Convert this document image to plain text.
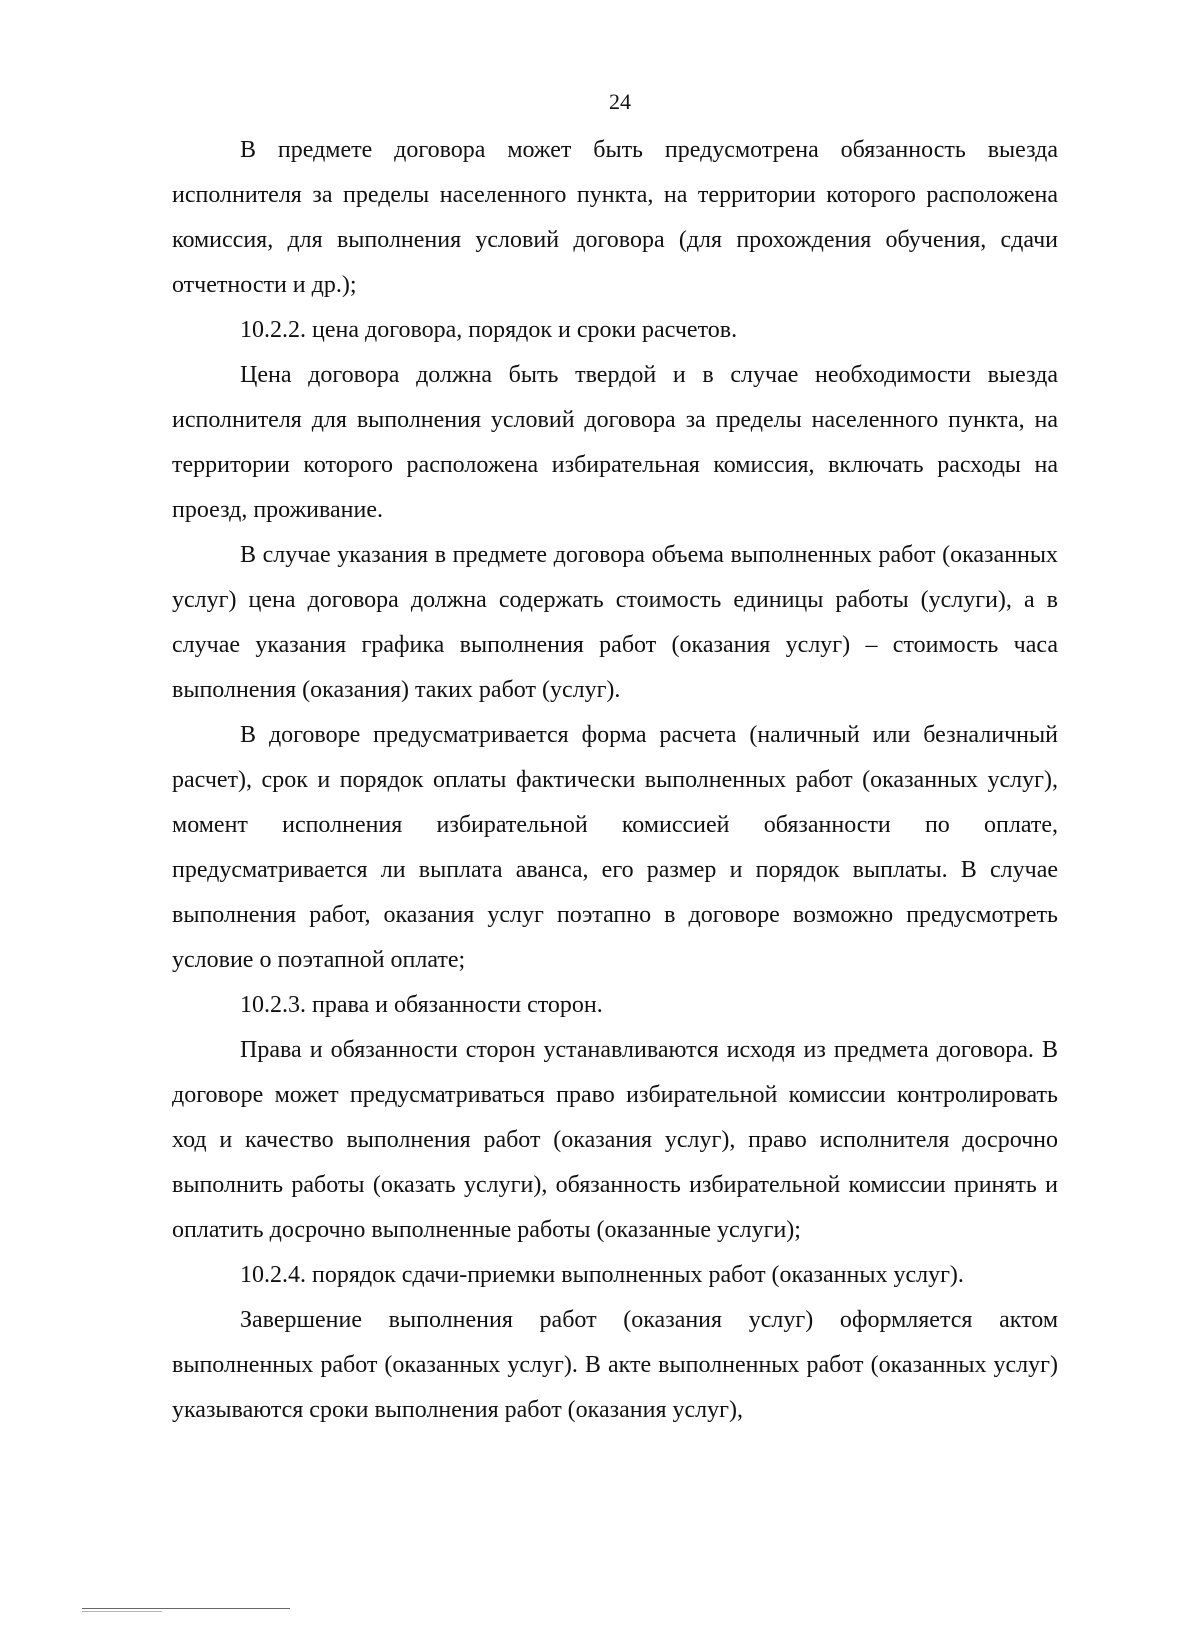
24

В предмете договора может быть предусмотрена обязанность выезда исполнителя за пределы населенного пункта, на территории которого расположена комиссия, для выполнения условий договора (для прохождения обучения, сдачи отчетности и др.);

10.2.2. цена договора, порядок и сроки расчетов.

Цена договора должна быть твердой и в случае необходимости выезда исполнителя для выполнения условий договора за пределы населенного пункта, на территории которого расположена избирательная комиссия, включать расходы на проезд, проживание.

В случае указания в предмете договора объема выполненных работ (оказанных услуг) цена договора должна содержать стоимость единицы работы (услуги), а в случае указания графика выполнения работ (оказания услуг) – стоимость часа выполнения (оказания) таких работ (услуг).

В договоре предусматривается форма расчета (наличный или безналичный расчет), срок и порядок оплаты фактически выполненных работ (оказанных услуг), момент исполнения избирательной комиссией обязанности по оплате, предусматривается ли выплата аванса, его размер и порядок выплаты. В случае выполнения работ, оказания услуг поэтапно в договоре возможно предусмотреть условие о поэтапной оплате;

10.2.3. права и обязанности сторон.

Права и обязанности сторон устанавливаются исходя из предмета договора. В договоре может предусматриваться право избирательной комиссии контролировать ход и качество выполнения работ (оказания услуг), право исполнителя досрочно выполнить работы (оказать услуги), обязанность избирательной комиссии принять и оплатить досрочно выполненные работы (оказанные услуги);

10.2.4. порядок сдачи-приемки выполненных работ (оказанных услуг).

Завершение выполнения работ (оказания услуг) оформляется актом выполненных работ (оказанных услуг). В акте выполненных работ (оказанных услуг) указываются сроки выполнения работ (оказания услуг),
